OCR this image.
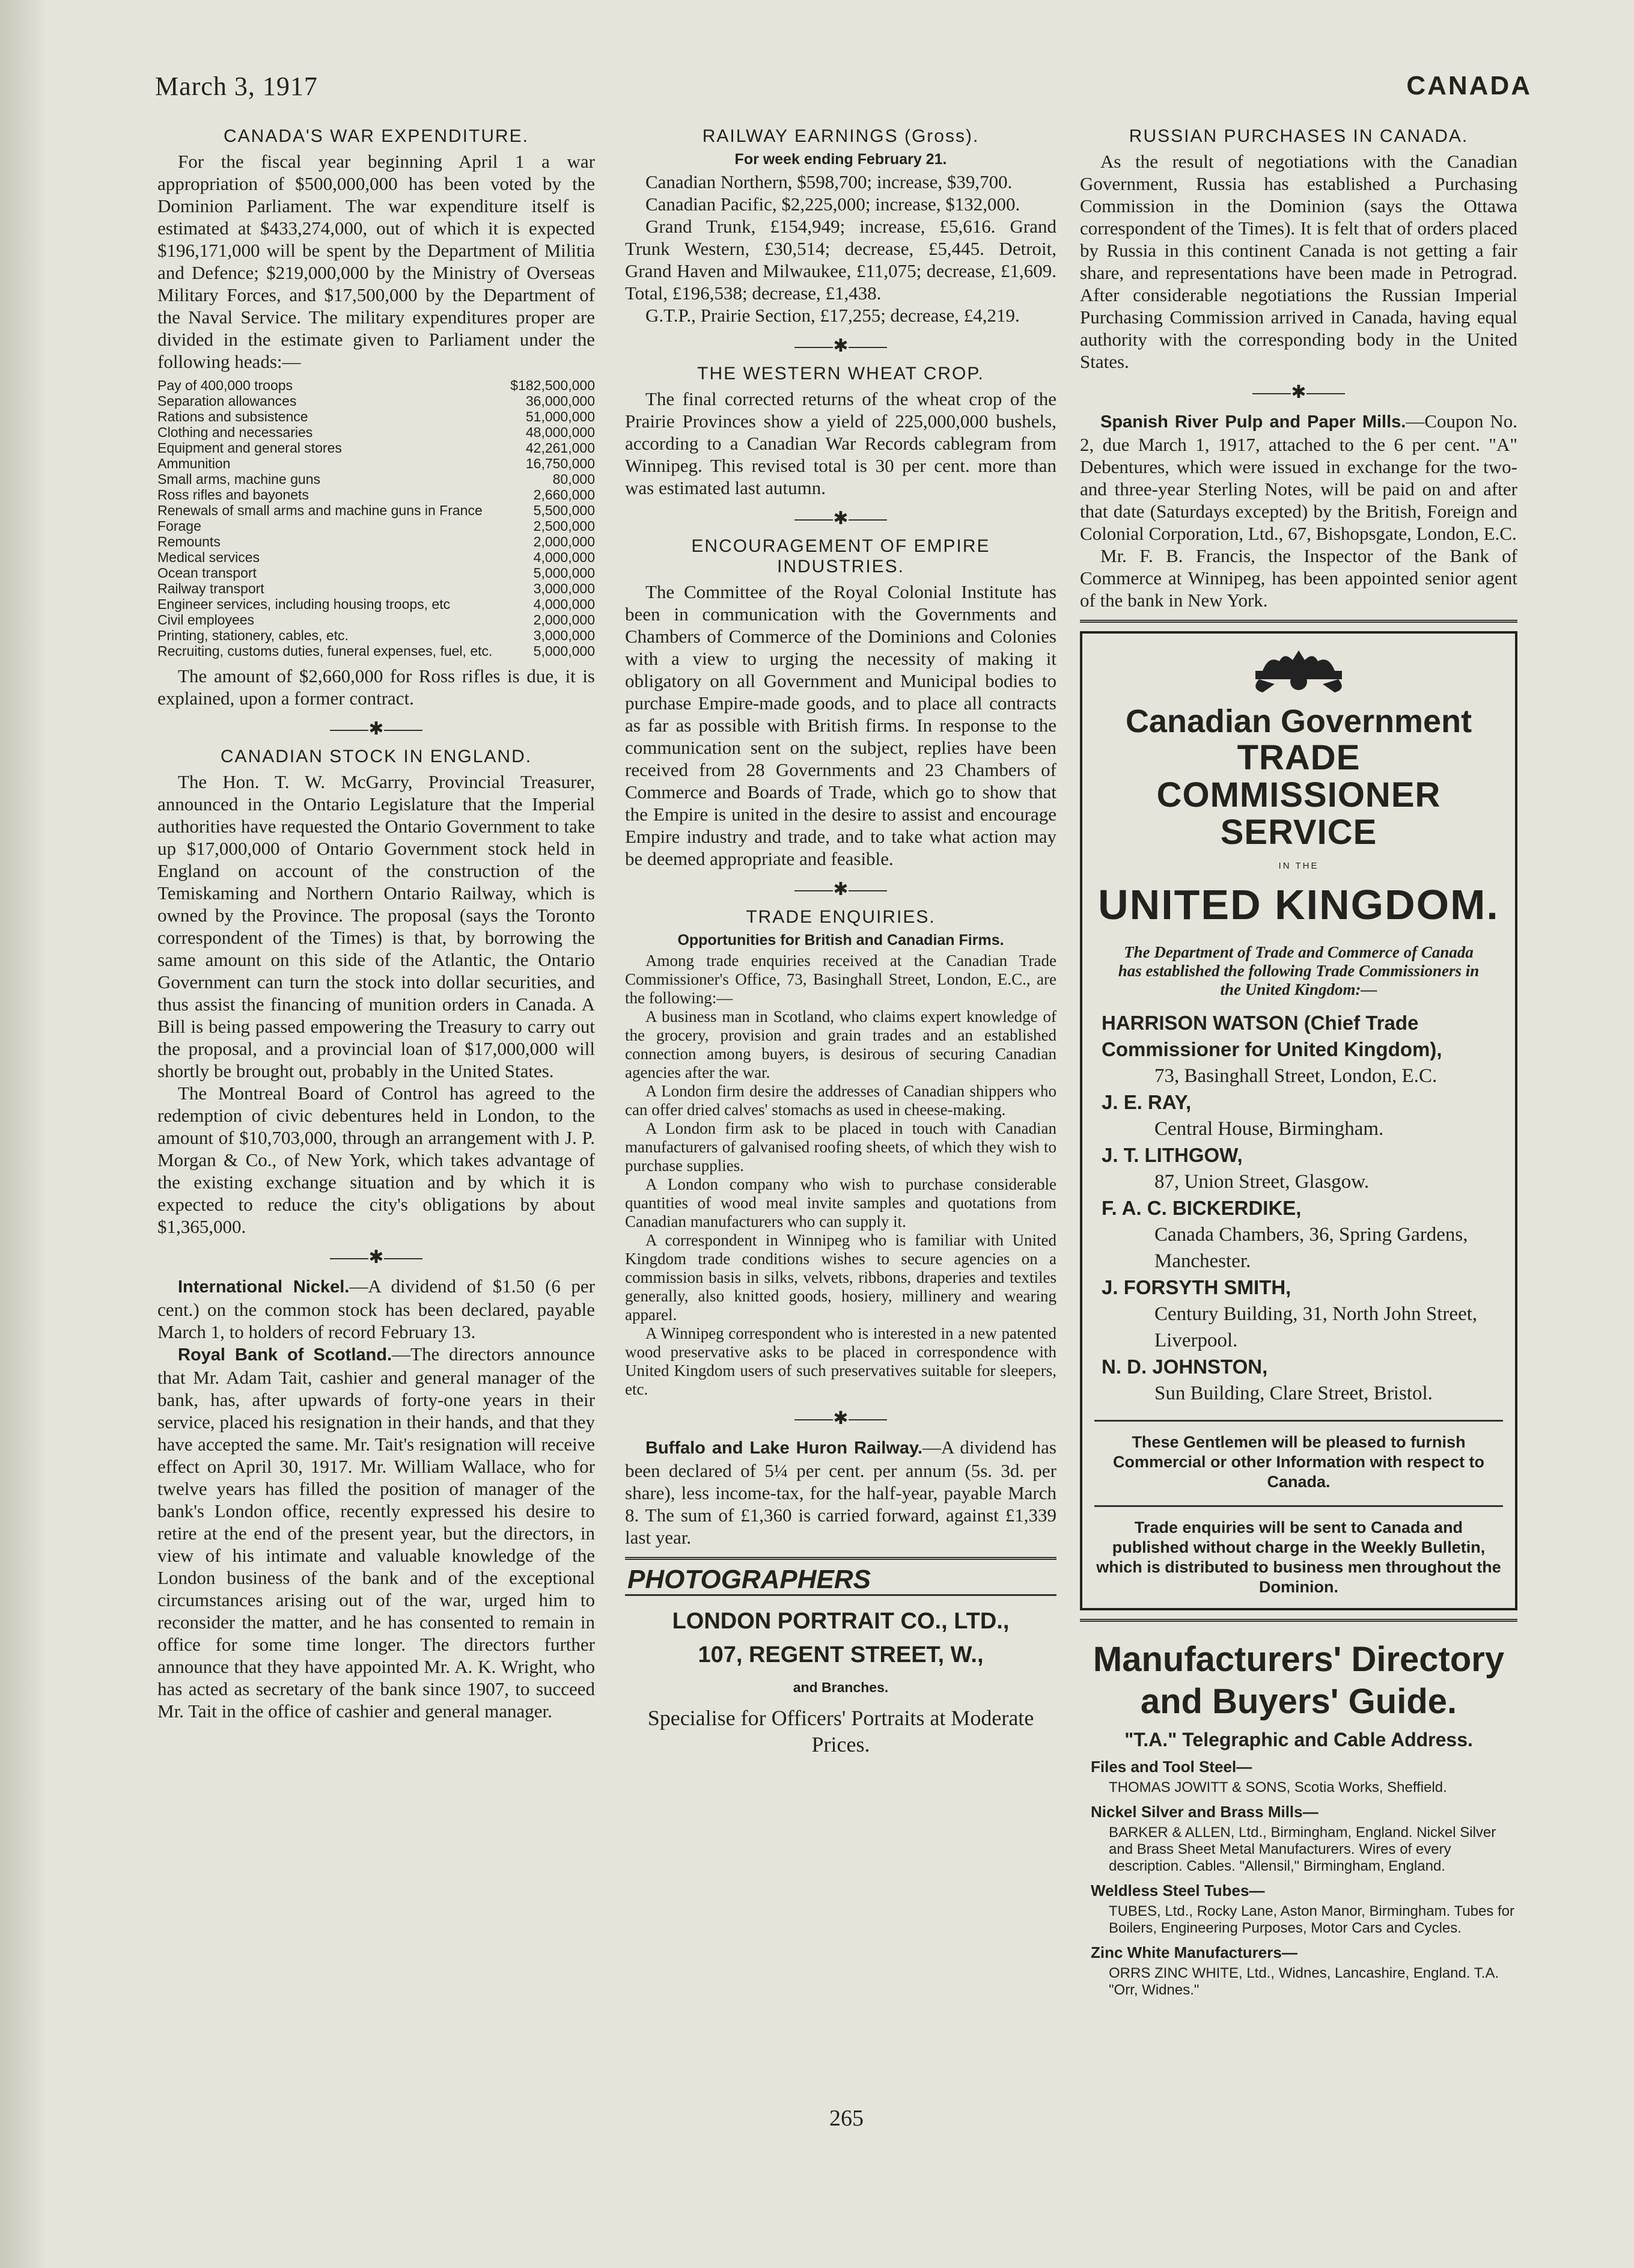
March 3, 1917	CANADA
CANADA'S WAR EXPENDITURE.

For the fiscal year beginning April 1 a war appropriation of $500,000,000 has been voted by the Dominion Parliament. The war expenditure itself is estimated at $433,274,000, out of which it is expected $196,171,000 will be spent by the Department of Militia and Defence; $219,000,000 by the Ministry of Overseas Military Forces, and $17,500,000 by the Department of the Naval Service. The military expenditures proper are divided in the estimate given to Parliament under the following heads:—

Pay of 400,000 troops	$182,500,000
Separation allowances	36,000,000
Rations and subsistence	51,000,000
Clothing and necessaries	48,000,000
Equipment and general stores	42,261,000
Ammunition	16,750,000
Small arms, machine guns	80,000
Ross rifles and bayonets	2,660,000
Renewals of small arms and machine guns in France	5,500,000
Forage	2,500,000
Remounts	2,000,000
Medical services	4,000,000
Ocean transport	5,000,000
Railway transport	3,000,000
Engineer services, including housing troops, etc	4,000,000
Civil employees	2,000,000
Printing, stationery, cables, etc.	3,000,000
Recruiting, customs duties, funeral expenses, fuel, etc.	5,000,000

The amount of $2,660,000 for Ross rifles is due, it is explained, upon a former contract.

✱
CANADIAN STOCK IN ENGLAND.

The Hon. T. W. McGarry, Provincial Treasurer, announced in the Ontario Legislature that the Imperial authorities have requested the Ontario Government to take up $17,000,000 of Ontario Government stock held in England on account of the construction of the Temiskaming and Northern Ontario Railway, which is owned by the Province. The proposal (says the Toronto correspondent of the Times) is that, by borrowing the same amount on this side of the Atlantic, the Ontario Government can turn the stock into dollar securities, and thus assist the financing of munition orders in Canada. A Bill is being passed empowering the Treasury to carry out the proposal, and a provincial loan of $17,000,000 will shortly be brought out, probably in the United States.

The Montreal Board of Control has agreed to the redemption of civic debentures held in London, to the amount of $10,703,000, through an arrangement with J. P. Morgan & Co., of New York, which takes advantage of the existing exchange situation and by which it is expected to reduce the city's obligations by about $1,365,000.

✱

International Nickel.—A dividend of $1.50 (6 per cent.) on the common stock has been declared, payable March 1, to holders of record February 13.

Royal Bank of Scotland.—The directors announce that Mr. Adam Tait, cashier and general manager of the bank, has, after upwards of forty-one years in their service, placed his resignation in their hands, and that they have accepted the same. Mr. Tait's resignation will receive effect on April 30, 1917. Mr. William Wallace, who for twelve years has filled the position of manager of the bank's London office, recently expressed his desire to retire at the end of the present year, but the directors, in view of his intimate and valuable knowledge of the London business of the bank and of the exceptional circumstances arising out of the war, urged him to reconsider the matter, and he has consented to remain in office for some time longer. The directors further announce that they have appointed Mr. A. K. Wright, who has acted as secretary of the bank since 1907, to succeed Mr. Tait in the office of cashier and general manager.

RAILWAY EARNINGS (Gross).
For week ending February 21.

Canadian Northern, $598,700; increase, $39,700.

Canadian Pacific, $2,225,000; increase, $132,000.

Grand Trunk, £154,949; increase, £5,616. Grand Trunk Western, £30,514; decrease, £5,445. Detroit, Grand Haven and Milwaukee, £11,075; decrease, £1,609. Total, £196,538; decrease, £1,438.

G.T.P., Prairie Section, £17,255; decrease, £4,219.

✱
THE WESTERN WHEAT CROP.

The final corrected returns of the wheat crop of the Prairie Provinces show a yield of 225,000,000 bushels, according to a Canadian War Records cablegram from Winnipeg. This revised total is 30 per cent. more than was estimated last autumn.

✱
ENCOURAGEMENT OF EMPIRE INDUSTRIES.

The Committee of the Royal Colonial Institute has been in communication with the Governments and Chambers of Commerce of the Dominions and Colonies with a view to urging the necessity of making it obligatory on all Government and Municipal bodies to purchase Empire-made goods, and to place all contracts as far as possible with British firms. In response to the communication sent on the subject, replies have been received from 28 Governments and 23 Chambers of Commerce and Boards of Trade, which go to show that the Empire is united in the desire to assist and encourage Empire industry and trade, and to take what action may be deemed appropriate and feasible.

✱
TRADE ENQUIRIES.
Opportunities for British and Canadian Firms.

Among trade enquiries received at the Canadian Trade Commissioner's Office, 73, Basinghall Street, London, E.C., are the following:—

A business man in Scotland, who claims expert knowledge of the grocery, provision and grain trades and an established connection among buyers, is desirous of securing Canadian agencies after the war.

A London firm desire the addresses of Canadian shippers who can offer dried calves' stomachs as used in cheese-making.

A London firm ask to be placed in touch with Canadian manufacturers of galvanised roofing sheets, of which they wish to purchase supplies.

A London company who wish to purchase considerable quantities of wood meal invite samples and quotations from Canadian manufacturers who can supply it.

A correspondent in Winnipeg who is familiar with United Kingdom trade conditions wishes to secure agencies on a commission basis in silks, velvets, ribbons, draperies and textiles generally, also knitted goods, hosiery, millinery and wearing apparel.

A Winnipeg correspondent who is interested in a new patented wood preservative asks to be placed in correspondence with United Kingdom users of such preservatives suitable for sleepers, etc.

✱

Buffalo and Lake Huron Railway.—A dividend has been declared of 5¼ per cent. per annum (5s. 3d. per share), less income-tax, for the half-year, payable March 8. The sum of £1,360 is carried forward, against £1,339 last year.

PHOTOGRAPHERS
LONDON PORTRAIT CO., LTD.,
107, REGENT STREET, W.,
and Branches.
Specialise for Officers' Portraits at Moderate Prices.
RUSSIAN PURCHASES IN CANADA.

As the result of negotiations with the Canadian Government, Russia has established a Purchasing Commission in the Dominion (says the Ottawa correspondent of the Times). It is felt that of orders placed by Russia in this continent Canada is not getting a fair share, and representations have been made in Petrograd. After considerable negotiations the Russian Imperial Purchasing Commission arrived in Canada, having equal authority with the corresponding body in the United States.

✱

Spanish River Pulp and Paper Mills.—Coupon No. 2, due March 1, 1917, attached to the 6 per cent. "A" Debentures, which were issued in exchange for the two- and three-year Sterling Notes, will be paid on and after that date (Saturdays excepted) by the British, Foreign and Colonial Corporation, Ltd., 67, Bishopsgate, London, E.C.

Mr. F. B. Francis, the Inspector of the Bank of Commerce at Winnipeg, has been appointed senior agent of the bank in New York.

Canadian Government
TRADE COMMISSIONER
SERVICE
IN THE
UNITED KINGDOM.
The Department of Trade and Commerce of Canada has established the following Trade Commissioners in the United Kingdom:—
HARRISON WATSON (Chief Trade Commissioner for United Kingdom),
73, Basinghall Street, London, E.C.
J. E. RAY,
Central House, Birmingham.
J. T. LITHGOW,
87, Union Street, Glasgow.
F. A. C. BICKERDIKE,
Canada Chambers, 36, Spring Gardens, Manchester.
J. FORSYTH SMITH,
Century Building, 31, North John Street, Liverpool.
N. D. JOHNSTON,
Sun Building, Clare Street, Bristol.
These Gentlemen will be pleased to furnish Commercial or other Information with respect to Canada.
Trade enquiries will be sent to Canada and published without charge in the Weekly Bulletin, which is distributed to business men throughout the Dominion.
Manufacturers' Directory
and Buyers' Guide.
"T.A." Telegraphic and Cable Address.
Files and Tool Steel—
THOMAS JOWITT & SONS, Scotia Works, Sheffield.
Nickel Silver and Brass Mills—
BARKER & ALLEN, Ltd., Birmingham, England. Nickel Silver and Brass Sheet Metal Manufacturers. Wires of every description. Cables. "Allensil," Birmingham, England.
Weldless Steel Tubes—
TUBES, Ltd., Rocky Lane, Aston Manor, Birmingham. Tubes for Boilers, Engineering Purposes, Motor Cars and Cycles.
Zinc White Manufacturers—
ORRS ZINC WHITE, Ltd., Widnes, Lancashire, England. T.A. "Orr, Widnes."
265
